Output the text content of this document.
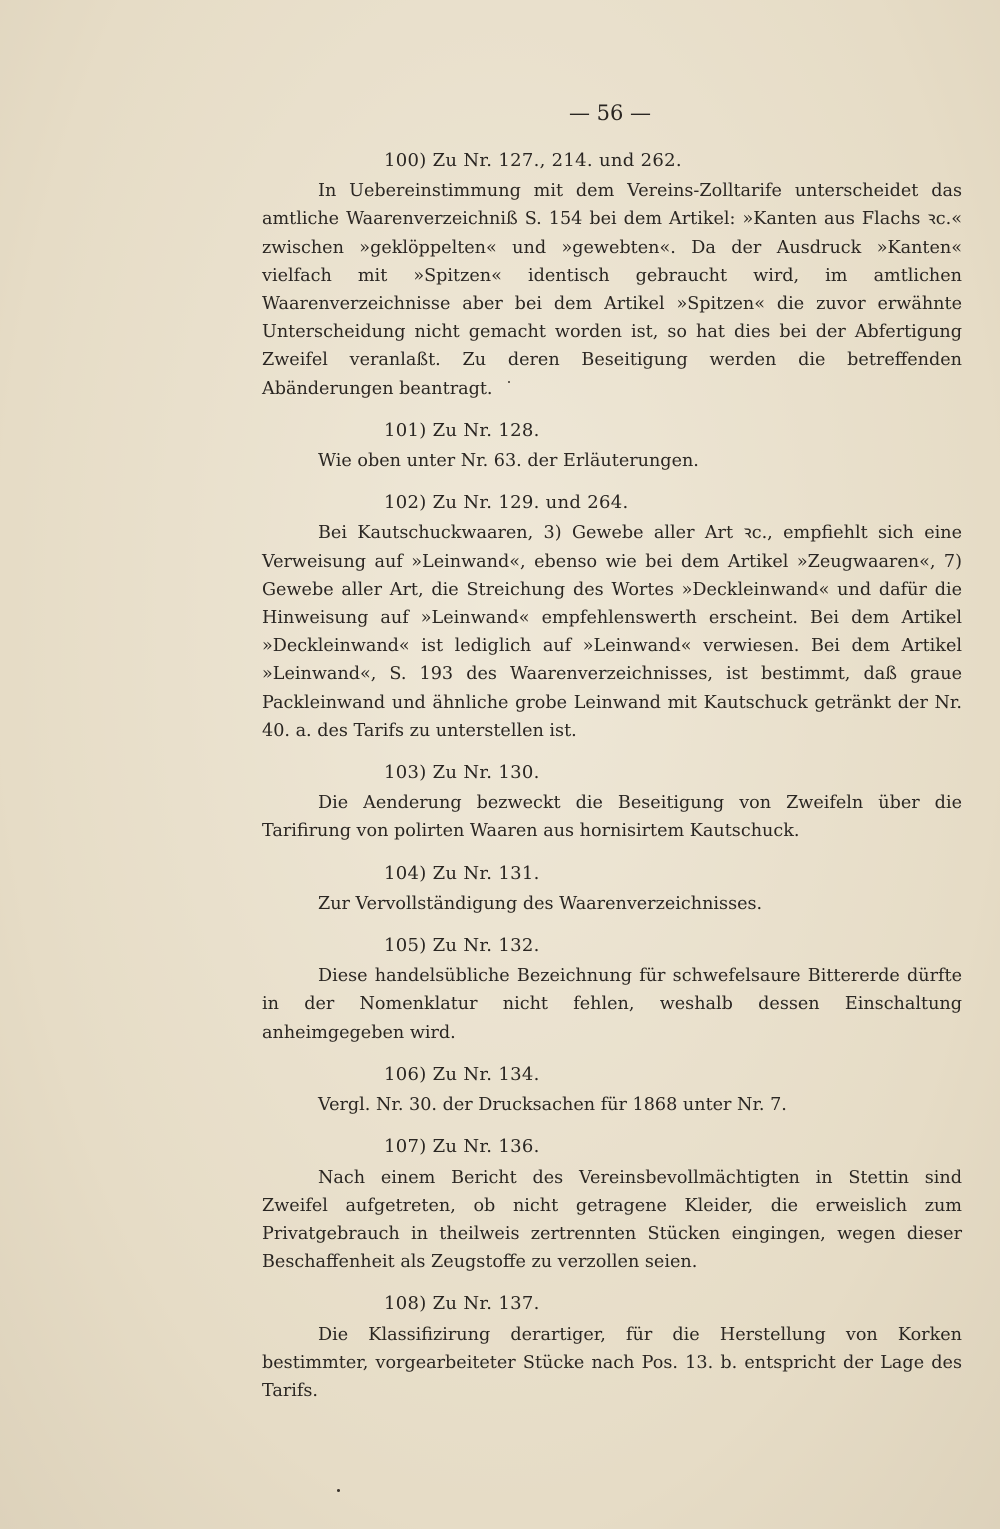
— 56 —
100) Zu Nr. 127., 214. und 262.

In Uebereinstimmung mit dem Vereins-Zolltarife unterscheidet das amtliche Waarenverzeichniß S. 154 bei dem Artikel: »Kanten aus Flachs ꝛc.« zwischen »geklöppelten« und »gewebten«. Da der Ausdruck »Kanten« vielfach mit »Spitzen« identisch gebraucht wird, im amtlichen Waarenverzeichnisse aber bei dem Artikel »Spitzen« die zuvor erwähnte Unterscheidung nicht gemacht worden ist, so hat dies bei der Abfertigung Zweifel veranlaßt. Zu deren Beseitigung werden die betreffenden Abänderungen beantragt.

101) Zu Nr. 128.

Wie oben unter Nr. 63. der Erläuterungen.

102) Zu Nr. 129. und 264.

Bei Kautschuckwaaren, 3) Gewebe aller Art ꝛc., empfiehlt sich eine Verweisung auf »Leinwand«, ebenso wie bei dem Artikel »Zeugwaaren«, 7) Gewebe aller Art, die Streichung des Wortes »Deckleinwand« und dafür die Hinweisung auf »Leinwand« empfehlenswerth erscheint. Bei dem Artikel »Deckleinwand« ist lediglich auf »Leinwand« verwiesen. Bei dem Artikel »Leinwand«, S. 193 des Waarenverzeichnisses, ist bestimmt, daß graue Packleinwand und ähnliche grobe Leinwand mit Kautschuck getränkt der Nr. 40. a. des Tarifs zu unterstellen ist.

103) Zu Nr. 130.

Die Aenderung bezweckt die Beseitigung von Zweifeln über die Tarifirung von polirten Waaren aus hornisirtem Kautschuck.

104) Zu Nr. 131.

Zur Vervollständigung des Waarenverzeichnisses.

105) Zu Nr. 132.

Diese handelsübliche Bezeichnung für schwefelsaure Bittererde dürfte in der Nomenklatur nicht fehlen, weshalb dessen Einschaltung anheimgegeben wird.

106) Zu Nr. 134.

Vergl. Nr. 30. der Drucksachen für 1868 unter Nr. 7.

107) Zu Nr. 136.

Nach einem Bericht des Vereinsbevollmächtigten in Stettin sind Zweifel aufgetreten, ob nicht getragene Kleider, die erweislich zum Privatgebrauch in theilweis zertrennten Stücken eingingen, wegen dieser Beschaffenheit als Zeugstoffe zu verzollen seien.

108) Zu Nr. 137.

Die Klassifizirung derartiger, für die Herstellung von Korken bestimmter, vorgearbeiteter Stücke nach Pos. 13. b. entspricht der Lage des Tarifs.
